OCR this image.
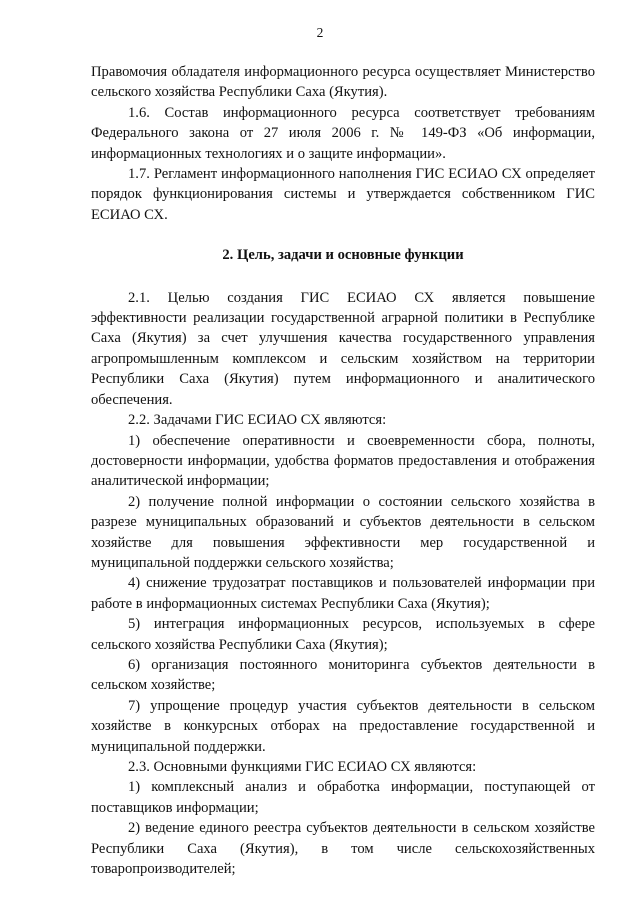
2

Правомочия обладателя информационного ресурса осуществляет Министерство сельского хозяйства Республики Саха (Якутия).

1.6. Состав информационного ресурса соответствует требованиям Федерального закона от 27 июля 2006 г. № 149-ФЗ «Об информации, информационных технологиях и о защите информации».

1.7. Регламент информационного наполнения ГИС ЕСИАО СХ определяет порядок функционирования системы и утверждается собственником ГИС ЕСИАО СХ.

2. Цель, задачи и основные функции

2.1. Целью создания ГИС ЕСИАО СХ является повышение эффективности реализации государственной аграрной политики в Республике Саха (Якутия) за счет улучшения качества государственного управления агропромышленным комплексом и сельским хозяйством на территории Республики Саха (Якутия) путем информационного и аналитического обеспечения.

2.2. Задачами ГИС ЕСИАО СХ являются:

1) обеспечение оперативности и своевременности сбора, полноты, достоверности информации, удобства форматов предоставления и отображения аналитической информации;

2) получение полной информации о состоянии сельского хозяйства в разрезе муниципальных образований и субъектов деятельности в сельском хозяйстве для повышения эффективности мер государственной и муниципальной поддержки сельского хозяйства;

4) снижение трудозатрат поставщиков и пользователей информации при работе в информационных системах Республики Саха (Якутия);

5) интеграция информационных ресурсов, используемых в сфере сельского хозяйства Республики Саха (Якутия);

6) организация постоянного мониторинга субъектов деятельности в сельском хозяйстве;

7) упрощение процедур участия субъектов деятельности в сельском хозяйстве в конкурсных отборах на предоставление государственной и муниципальной поддержки.

2.3. Основными функциями ГИС ЕСИАО СХ являются:

1) комплексный анализ и обработка информации, поступающей от поставщиков информации;

2) ведение единого реестра субъектов деятельности в сельском хозяйстве Республики Саха (Якутия), в том числе сельскохозяйственных товаропроизводителей;
